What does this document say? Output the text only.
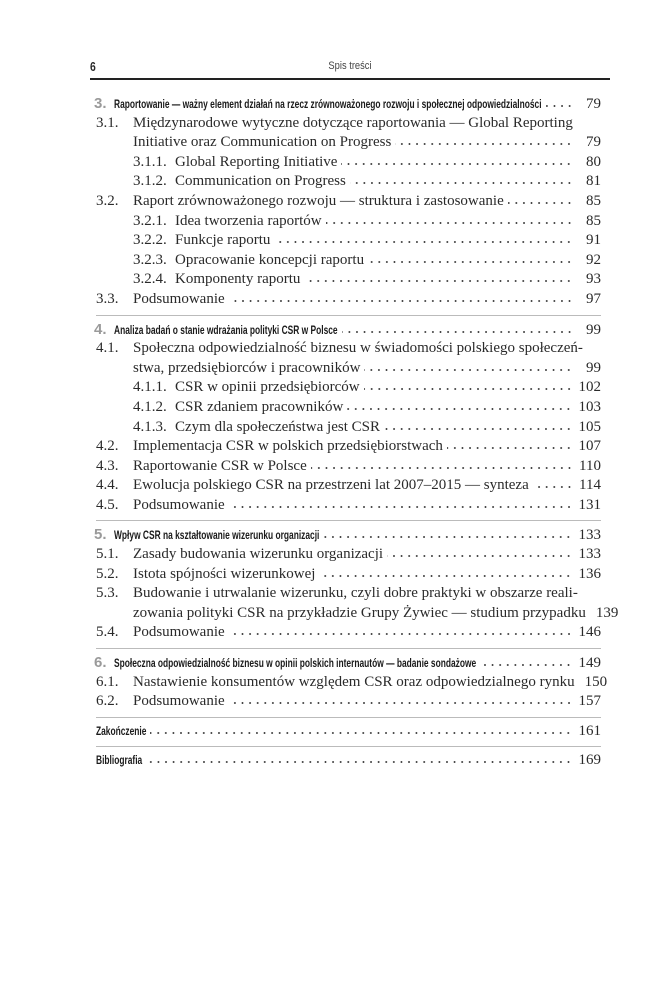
6	Spis treści
3. Raportowanie — ważny element działań na rzecz zrównoważonego rozwoju i społecznej odpowiedzialności	79
3.1. Międzynarodowe wytyczne dotyczące raportowania — Global Reporting
Initiative oraz Communication on Progress	79
3.1.1. Global Reporting Initiative	80
3.1.2. Communication on Progress	81
3.2. Raport zrównoważonego rozwoju — struktura i zastosowanie	85
3.2.1. Idea tworzenia raportów	85
3.2.2. Funkcje raportu	91
3.2.3. Opracowanie koncepcji raportu	92
3.2.4. Komponenty raportu	93
3.3. Podsumowanie	97
4. Analiza badań o stanie wdrażania polityki CSR w Polsce	99
4.1. Społeczna odpowiedzialność biznesu w świadomości polskiego społeczeń-
stwa, przedsiębiorców i pracowników	99
4.1.1. CSR w opinii przedsiębiorców	102
4.1.2. CSR zdaniem pracowników	103
4.1.3. Czym dla społeczeństwa jest CSR	105
4.2. Implementacja CSR w polskich przedsiębiorstwach	107
4.3. Raportowanie CSR w Polsce	110
4.4. Ewolucja polskiego CSR na przestrzeni lat 2007–2015 — synteza	114
4.5. Podsumowanie	131
5. Wpływ CSR na kształtowanie wizerunku organizacji	133
5.1. Zasady budowania wizerunku organizacji	133
5.2. Istota spójności wizerunkowej	136
5.3. Budowanie i utrwalanie wizerunku, czyli dobre praktyki w obszarze reali-
zowania polityki CSR na przykładzie Grupy Żywiec — studium przypadku 139
5.4. Podsumowanie	146
6. Społeczna odpowiedzialność biznesu w opinii polskich internautów — badanie sondażowe	149
6.1. Nastawienie konsumentów względem CSR oraz odpowiedzialnego rynku 150
6.2. Podsumowanie	157
Zakończenie	161
Bibliografia	169
